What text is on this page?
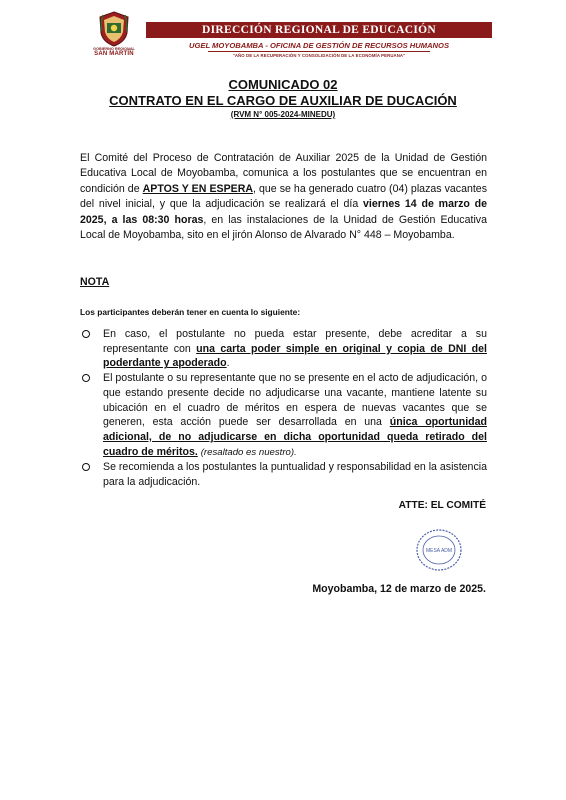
GOBIERNO REGIONAL
SAN MARTÍN
DIRECCIÓN REGIONAL DE EDUCACIÓN
UGEL MOYOBAMBA - OFICINA DE GESTIÓN DE RECURSOS HUMANOS
"AÑO DE LA RECUPERACIÓN Y CONSOLIDACIÓN DE LA ECONOMÍA PERUANA"
COMUNICADO 02
CONTRATO EN EL CARGO DE AUXILIAR DE DUCACIÓN
(RVM N° 005-2024-MINEDU)
El Comité del Proceso de Contratación de Auxiliar 2025 de la Unidad de Gestión Educativa Local de Moyobamba, comunica a los postulantes que se encuentran en condición de APTOS Y EN ESPERA, que se ha generado cuatro (04) plazas vacantes del nivel inicial, y que la adjudicación se realizará el día viernes 14 de marzo de 2025, a las 08:30 horas, en las instalaciones de la Unidad de Gestión Educativa Local de Moyobamba, sito en el jirón Alonso de Alvarado N° 448 – Moyobamba.
NOTA
Los participantes deberán tener en cuenta lo siguiente:
En caso, el postulante no pueda estar presente, debe acreditar a su representante con una carta poder simple en original y copia de DNI del poderdante y apoderado.
El postulante o su representante que no se presente en el acto de adjudicación, o que estando presente decide no adjudicarse una vacante, mantiene latente su ubicación en el cuadro de méritos en espera de nuevas vacantes que se generen, esta acción puede ser desarrollada en una única oportunidad adicional, de no adjudicarse en dicha oportunidad queda retirado del cuadro de méritos. (resaltado es nuestro).
Se recomienda a los postulantes la puntualidad y responsabilidad en la asistencia para la adjudicación.
ATTE: EL COMITÉ
MESA ADM
Moyobamba, 12 de marzo de 2025.
